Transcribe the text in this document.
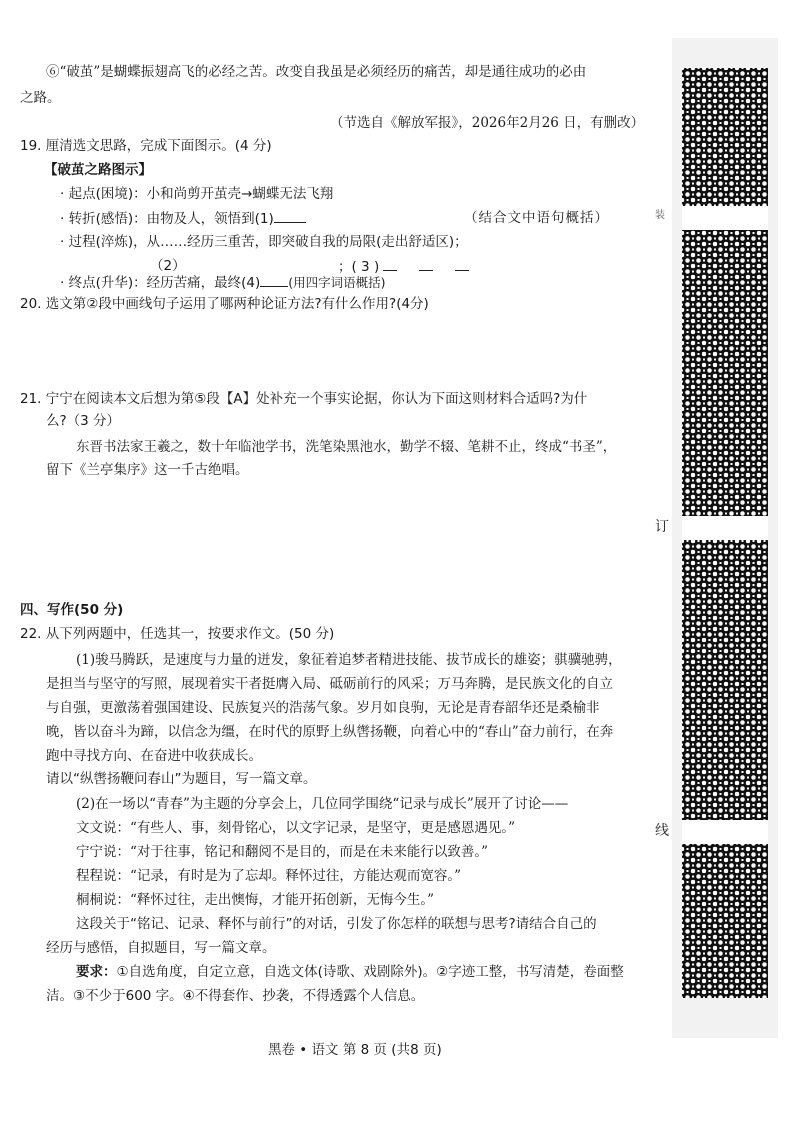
⑥“破茧”是蝴蝶振翅高飞的必经之苦。改变自我虽是必须经历的痛苦，却是通往成功的必由
之路。
（节选自《解放军报》，2026年2月26 日，有删改）
19. 厘清选文思路，完成下面图示。(4 分)
【破茧之路图示】
· 起点(困境)：小和尚剪开茧壳→蝴蝶无法飞翔
· 转折(感悟)：由物及人，领悟到(1)	（结合文中语句概括）
· 过程(淬炼)，从……经历三重苦，即突破自我的局限(走出舒适区)；
（2）	；( 3 )
· 终点(升华)：经历苦痛，最终(4) (用四字词语概括)
20. 选文第②段中画线句子运用了哪两种论证方法?有什么作用?(4分)
21. 宁宁在阅读本文后想为第⑤段【A】处补充一个事实论据，你认为下面这则材料合适吗?为什
么?（3 分）
东晋书法家王羲之，数十年临池学书，洗笔染黑池水，勤学不辍、笔耕不止，终成“书圣”，
留下《兰亭集序》这一千古绝唱。
四、写作(50 分)
22. 从下列两题中，任选其一，按要求作文。(50 分)
(1)骏马腾跃，是速度与力量的迸发，象征着追梦者精进技能、拔节成长的雄姿；骐骥驰骋，
是担当与坚守的写照，展现着实干者挺膺入局、砥砺前行的风采；万马奔腾，是民族文化的自立
与自强，更激荡着强国建设、民族复兴的浩荡气象。岁月如良驹，无论是青春韶华还是桑榆非
晚，皆以奋斗为蹄，以信念为缰，在时代的原野上纵辔扬鞭，向着心中的“春山”奋力前行，在奔
跑中寻找方向、在奋进中收获成长。
请以“纵辔扬鞭问春山”为题目，写一篇文章。
(2)在一场以“青春”为主题的分享会上，几位同学围绕“记录与成长”展开了讨论——
文文说：“有些人、事，刻骨铭心，以文字记录，是坚守，更是感恩遇见。”
宁宁说：“对于往事，铭记和翻阅不是目的，而是在未来能行以致善。”
程程说：“记录，有时是为了忘却。释怀过往，方能达观而宽容。”
桐桐说：“释怀过往，走出懊悔，才能开拓创新，无悔今生。”
这段关于“铭记、记录、释怀与前行”的对话，引发了你怎样的联想与思考?请结合自己的
经历与感悟，自拟题目，写一篇文章。
要求：①自选角度，自定立意，自选文体(诗歌、戏剧除外)。②字迹工整，书写清楚，卷面整
洁。③不少于600 字。④不得套作、抄袭，不得透露个人信息。
黑卷 • 语文 第 8 页 (共8 页)
装
订
线
